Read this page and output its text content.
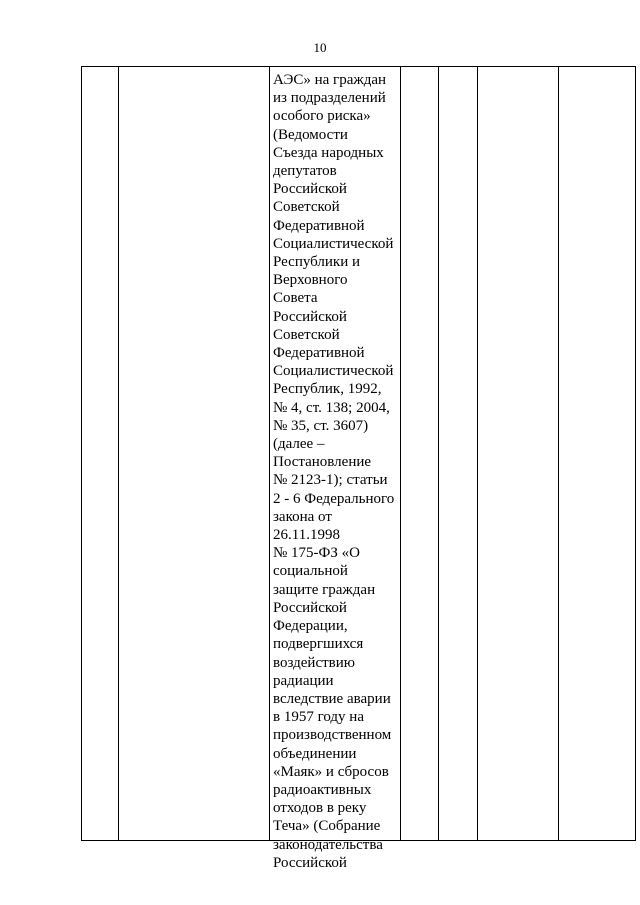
10
АЭС» на граждан
из подразделений
особого риска»
(Ведомости
Съезда народных
депутатов
Российской
Советской
Федеративной
Социалистической
Республики и
Верховного
Совета
Российской
Советской
Федеративной
Социалистической
Республик, 1992,
№ 4, ст. 138; 2004,
№ 35, ст. 3607)
(далее –
Постановление
№ 2123-1); статьи
2 - 6 Федерального
закона от
26.11.1998
№ 175-ФЗ «О
социальной
защите граждан
Российской
Федерации,
подвергшихся
воздействию
радиации
вследствие аварии
в 1957 году на
производственном
объединении
«Маяк» и сбросов
радиоактивных
отходов в реку
Теча» (Собрание
законодательства
Российской
